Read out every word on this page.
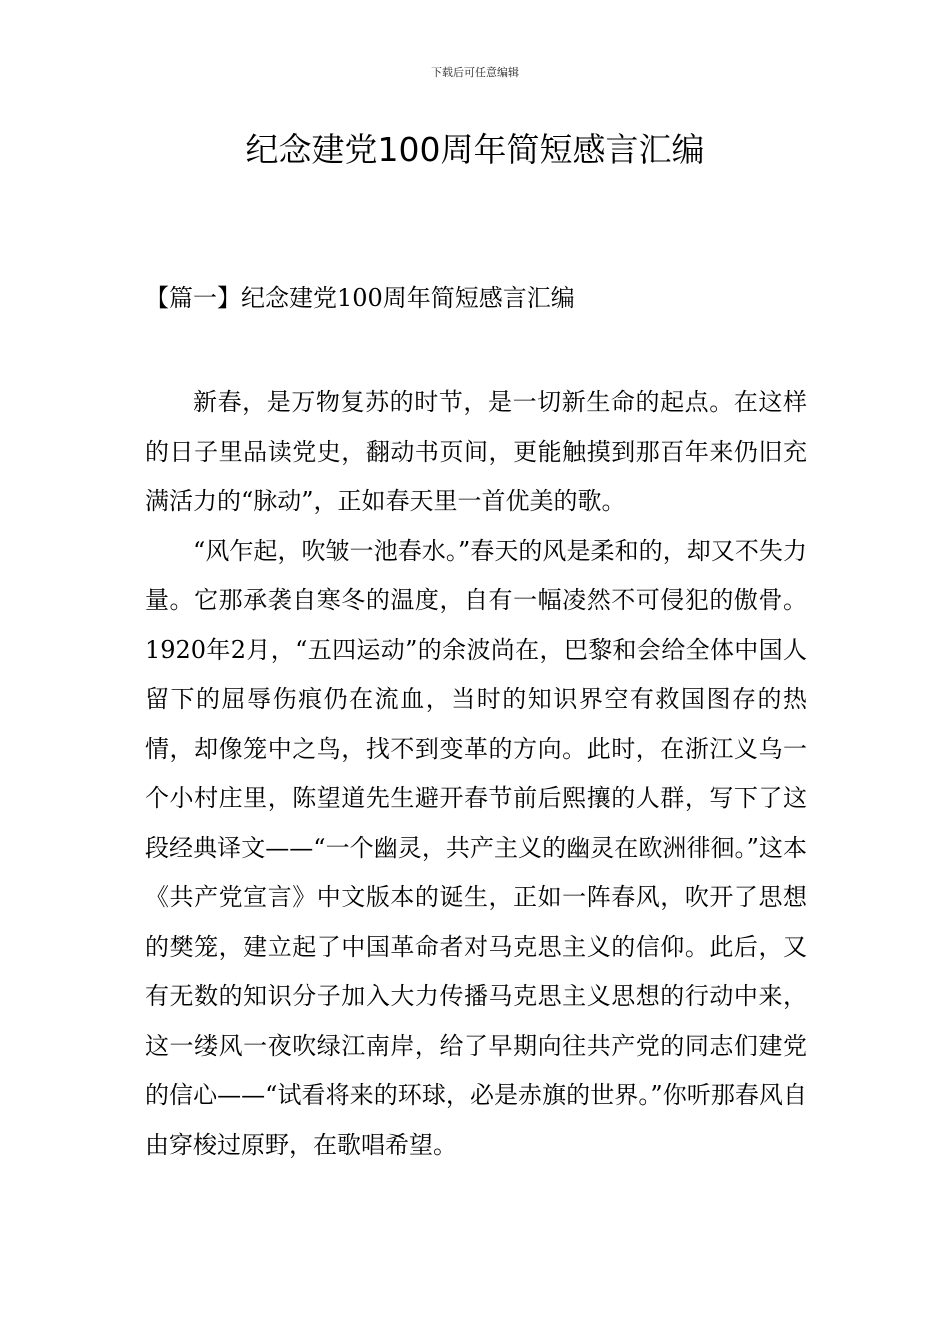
下载后可任意编辑
纪念建党100周年简短感言汇编
【篇一】纪念建党100周年简短感言汇编

新春，是万物复苏的时节，是一切新生命的起点。在这样的日子里品读党史，翻动书页间，更能触摸到那百年来仍旧充满活力的“脉动”，正如春天里一首优美的歌。

“风乍起，吹皱一池春水。”春天的风是柔和的，却又不失力量。它那承袭自寒冬的温度，自有一幅凌然不可侵犯的傲骨。1920年2月，“五四运动”的余波尚在，巴黎和会给全体中国人留下的屈辱伤痕仍在流血，当时的知识界空有救国图存的热情，却像笼中之鸟，找不到变革的方向。此时，在浙江义乌一个小村庄里，陈望道先生避开春节前后熙攘的人群，写下了这段经典译文——“一个幽灵，共产主义的幽灵在欧洲徘徊。”这本《共产党宣言》中文版本的诞生，正如一阵春风，吹开了思想的樊笼，建立起了中国革命者对马克思主义的信仰。此后，又有无数的知识分子加入大力传播马克思主义思想的行动中来，这一缕风一夜吹绿江南岸，给了早期向往共产党的同志们建党的信心——“试看将来的环球，必是赤旗的世界。”你听那春风自由穿梭过原野，在歌唱希望。
